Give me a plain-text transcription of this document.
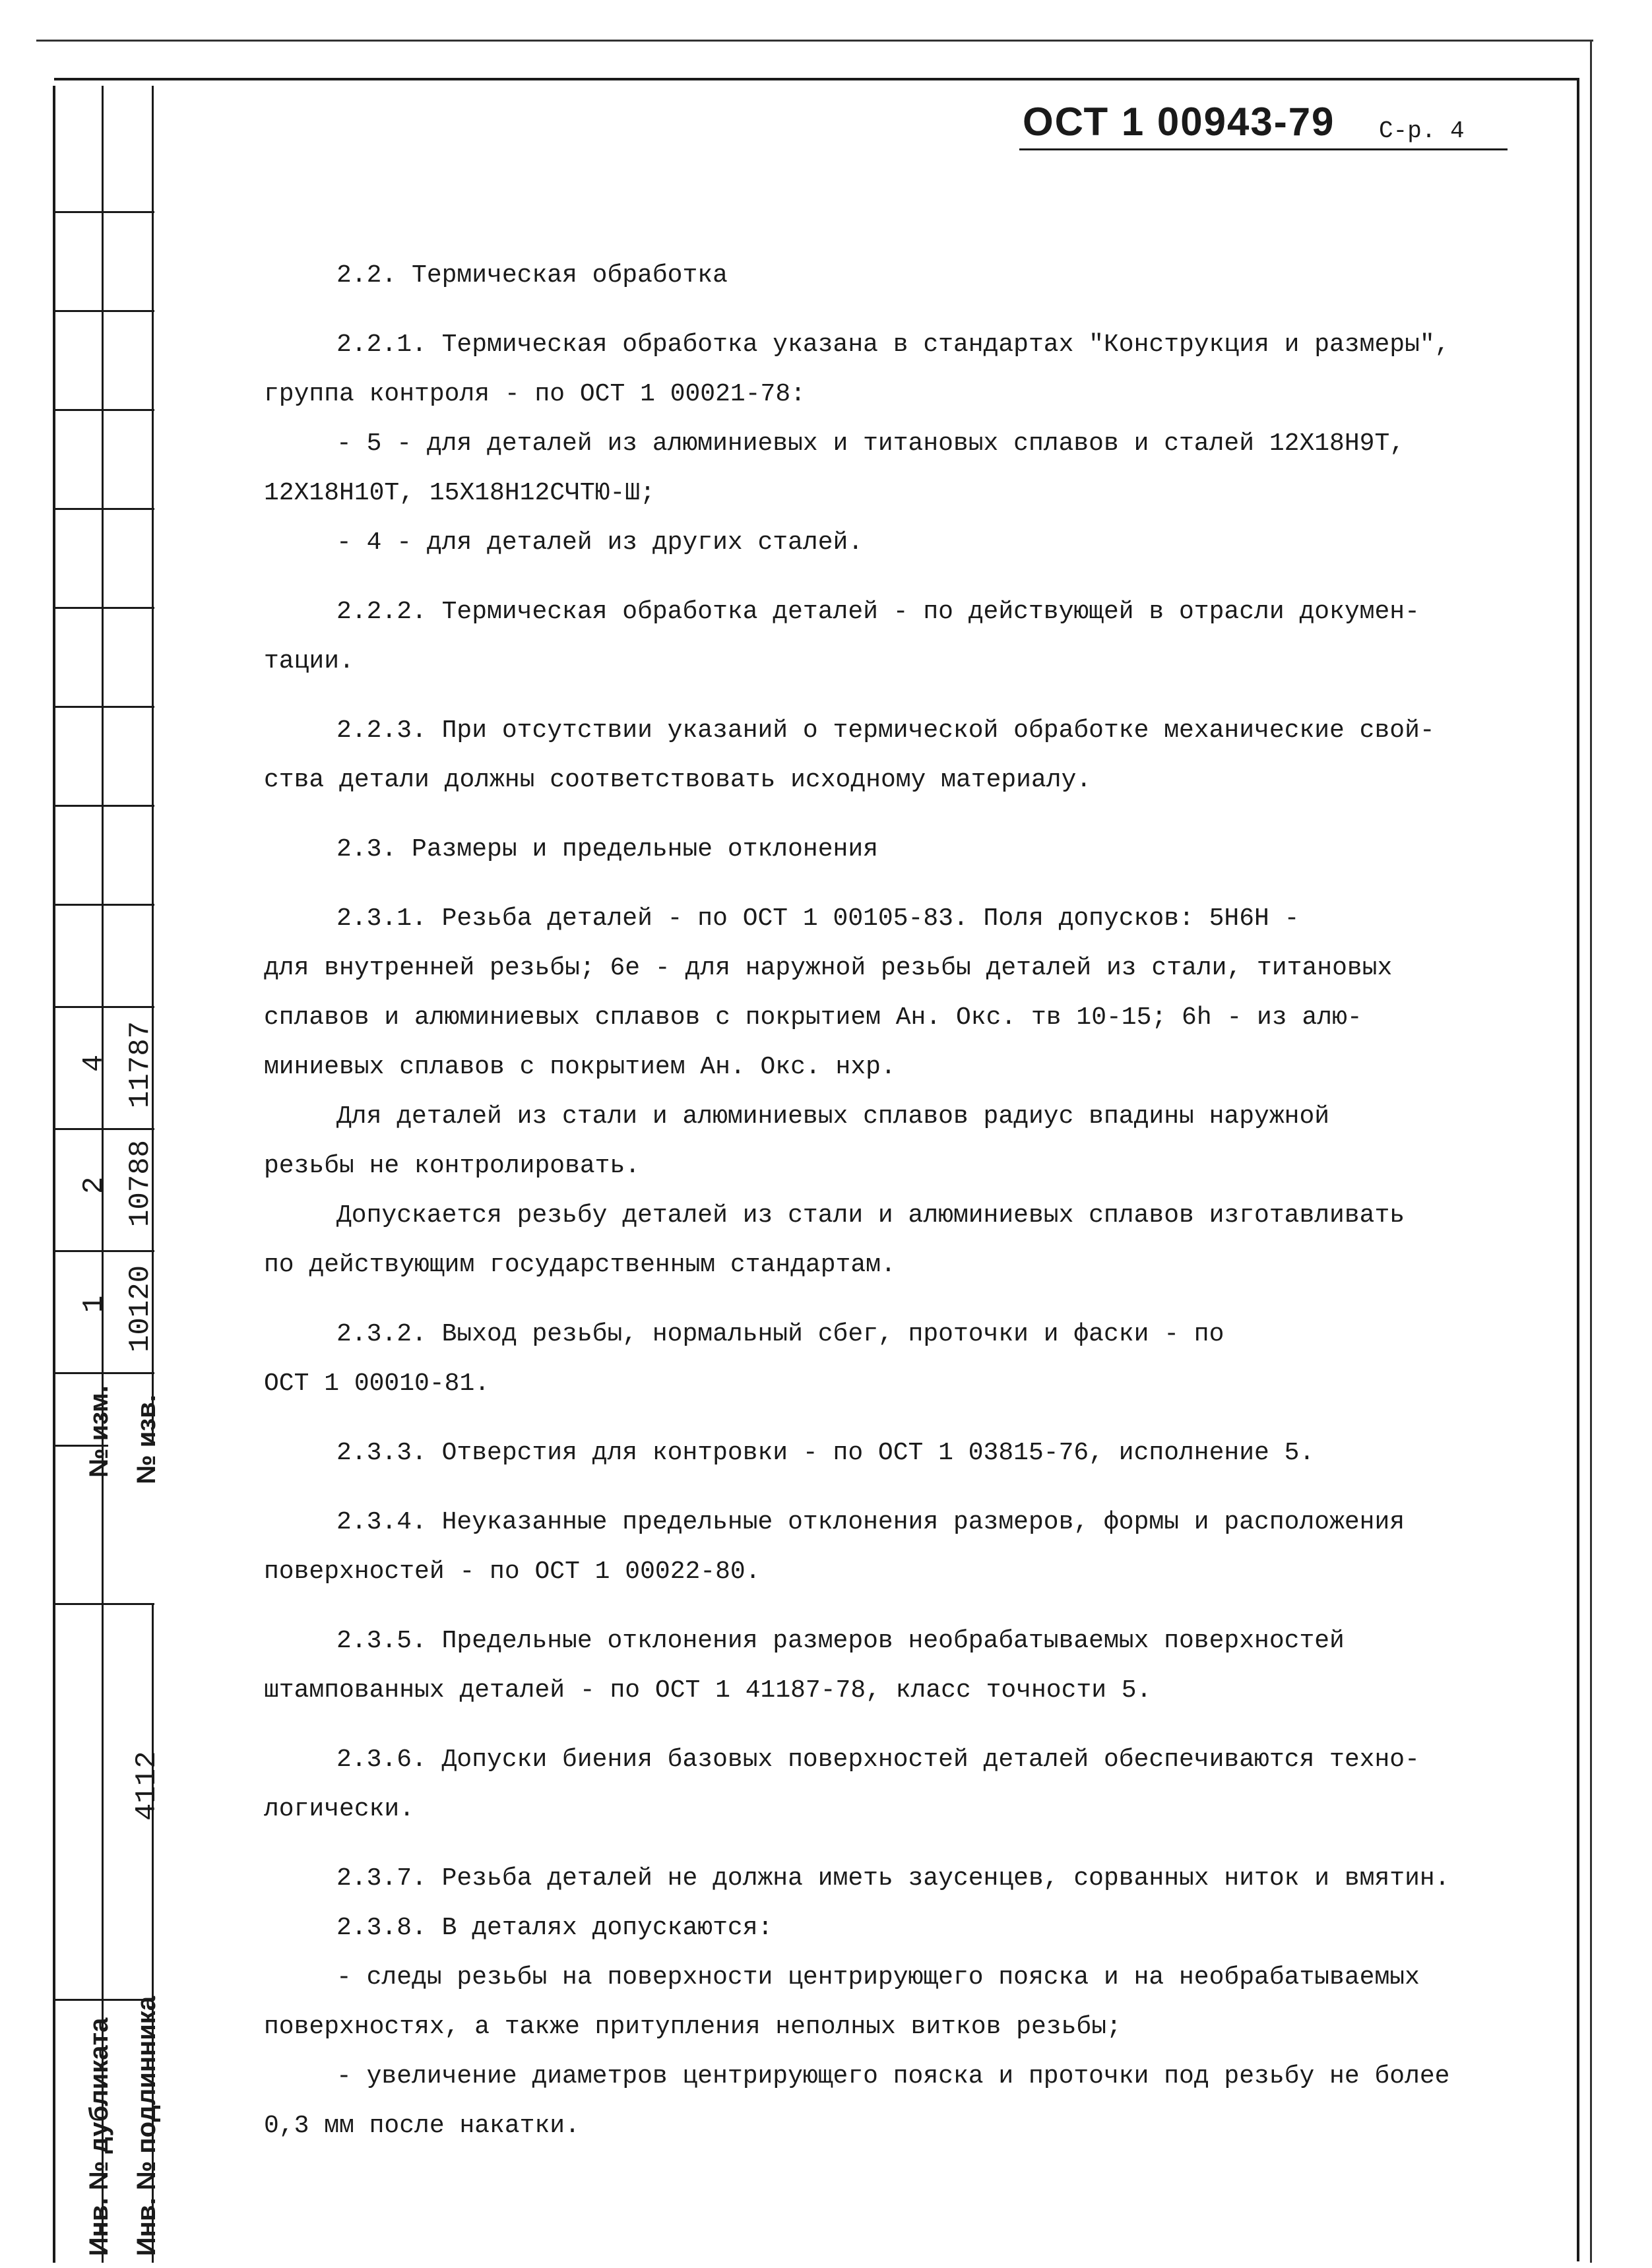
1 10120
2 10788
4 11787
№ изм. № изв.
4112
Инв. № дубликата Инв. № подлинника
ОСТ 1 00943-79 С-р. 4

2.2. Термическая обработка

2.2.1. Термическая обработка указана в стандартах "Конструкция и размеры",

группа контроля - по ОСТ 1 00021-78:

- 5 - для деталей из алюминиевых и титановых сплавов и сталей 12Х18Н9Т,

12Х18Н10Т, 15Х18Н12СЧТЮ-Ш;

- 4 - для деталей из других сталей.

2.2.2. Термическая обработка деталей - по действующей в отрасли докумен-

тации.

2.2.3. При отсутствии указаний о термической обработке механические свой-

ства детали должны соответствовать исходному материалу.

2.3. Размеры и предельные отклонения

2.3.1. Резьба деталей - по ОСТ 1 00105-83. Поля допусков: 5Н6Н -

для внутренней резьбы; 6е - для наружной резьбы деталей из стали, титановых

сплавов и алюминиевых сплавов с покрытием Ан. Окс. тв 10-15; 6h - из алю-

миниевых сплавов с покрытием Ан. Окс. нхр.

Для деталей из стали и алюминиевых сплавов радиус впадины наружной

резьбы не контролировать.

Допускается резьбу деталей из стали и алюминиевых сплавов изготавливать

по действующим государственным стандартам.

2.3.2. Выход резьбы, нормальный сбег, проточки и фаски - по

ОСТ 1 00010-81.

2.3.3. Отверстия для контровки - по ОСТ 1 03815-76, исполнение 5.

2.3.4. Неуказанные предельные отклонения размеров, формы и расположения

поверхностей - по ОСТ 1 00022-80.

2.3.5. Предельные отклонения размеров необрабатываемых поверхностей

штампованных деталей - по ОСТ 1 41187-78, класс точности 5.

2.3.6. Допуски биения базовых поверхностей деталей обеспечиваются техно-

логически.

2.3.7. Резьба деталей не должна иметь заусенцев, сорванных ниток и вмятин.

2.3.8. В деталях допускаются:

- следы резьбы на поверхности центрирующего пояска и на необрабатываемых

поверхностях, а также притупления неполных витков резьбы;

- увеличение диаметров центрирующего пояска и проточки под резьбу не более

0,3 мм после накатки.
